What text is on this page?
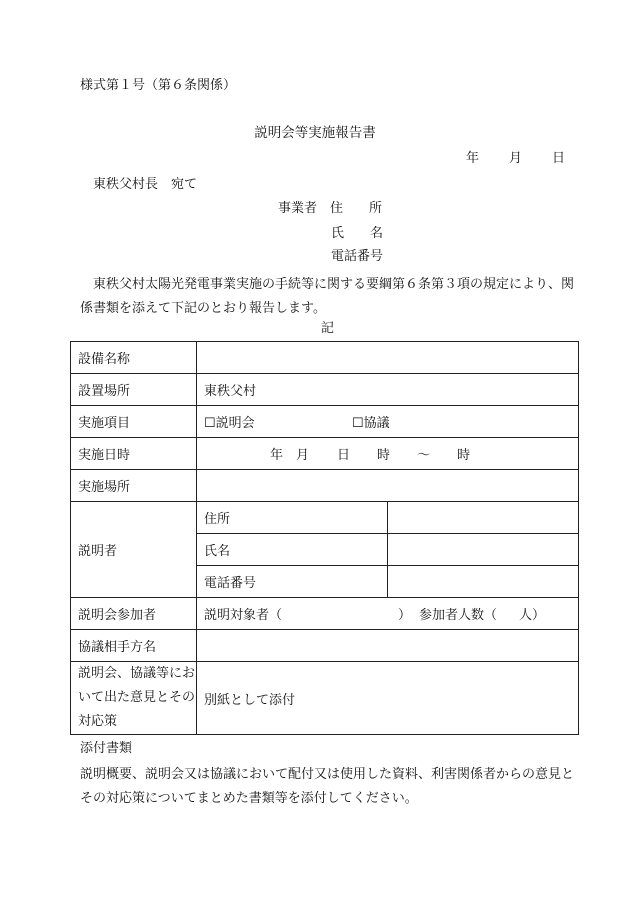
様式第１号（第６条関係）
説明会等実施報告書
年 月 日
東秩父村長　宛て
事業者　住　　所
氏　　名
電話番号
　東秩父村太陽光発電事業実施の手続等に関する要綱第６条第３項の規定により、関係書類を添えて下記のとおり報告します。
記
設備名称		
設置場所	東秩父村	
実施項目	☐説明会 ☐協議	
実施日時	年 月 日 時 ～ 時	
実施場所		
説明者	住所	
	氏名	
	電話番号	
説明会参加者	説明対象者（ ） 参加者人数（ 人）	
協議相手方名		
説明会、協議等において出た意見とその対応策	別紙として添付	
添付書類
説明概要、説明会又は協議において配付又は使用した資料、利害関係者からの意見とその対応策についてまとめた書類等を添付してください。
